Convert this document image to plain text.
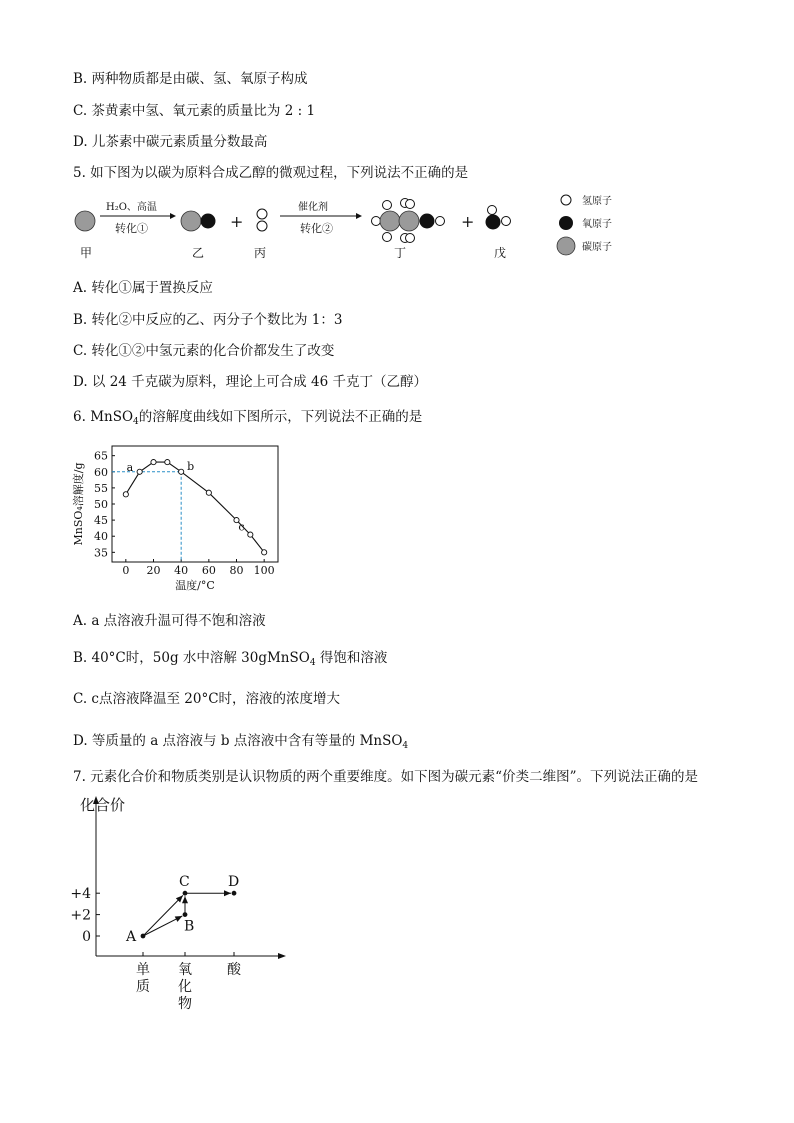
B. 两种物质都是由碳、氢、氧原子构成
C. 茶黄素中氢、氧元素的质量比为 2 : 1
D. 儿茶素中碳元素质量分数最高
5. 如下图为以碳为原料合成乙醇的微观过程，下列说法不正确的是
甲
H₂O、高温
转化①
乙
+
丙
催化剂
转化②
丁
+
戊
氢原子
氧原子
碳原子
A. 转化①属于置换反应
B. 转化②中反应的乙、丙分子个数比为 1：3
C. 转化①②中氢元素的化合价都发生了改变
D. 以 24 千克碳为原料，理论上可合成 46 千克丁（乙醇）
6. MnSO$_4$的溶解度曲线如下图所示，下列说法不正确的是
0 20 40 60 80 100
35
40
45
50
55
60
65
温度/°C
MnSO₄溶解度/g	a	b
c
A. a 点溶液升温可得不饱和溶液
B. 40°C时，50g 水中溶解 30gMnSO$_4$ 得饱和溶液
C. c点溶液降温至 20°C时，溶液的浓度增大
D. 等质量的 a 点溶液与 b 点溶液中含有等量的 MnSO$_4$
7. 元素化合价和物质类别是认识物质的两个重要维度。如下图为碳元素“价类二维图”。下列说法正确的是
化合价
0
+2
+4
单质
氧化物
酸
A
B
C	D
